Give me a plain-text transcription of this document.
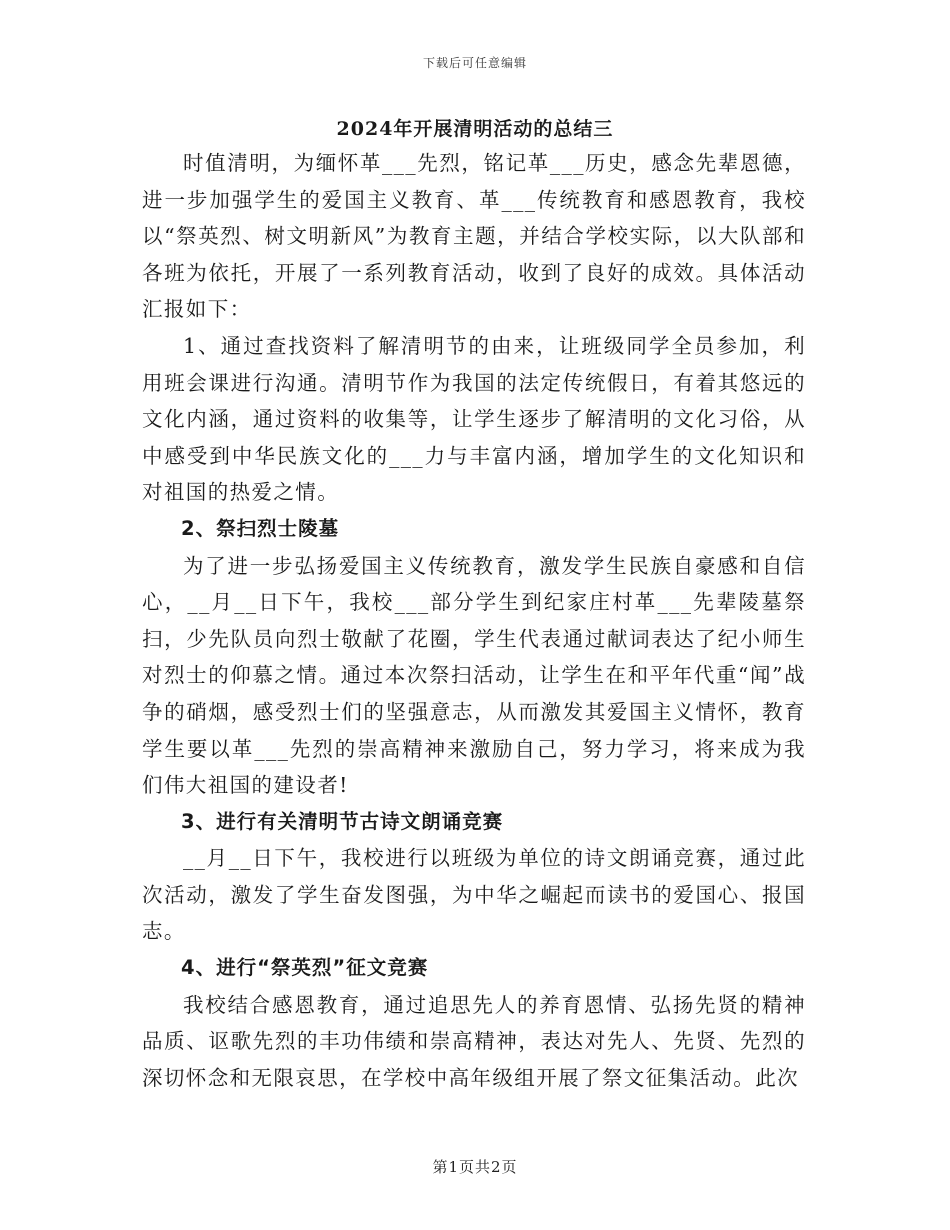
下载后可任意编辑
2024年开展清明活动的总结三

时值清明，为缅怀革___先烈，铭记革___历史，感念先辈恩德，进一步加强学生的爱国主义教育、革___传统教育和感恩教育，我校以“祭英烈、树文明新风”为教育主题，并结合学校实际，以大队部和各班为依托，开展了一系列教育活动，收到了良好的成效。具体活动汇报如下：

1、通过查找资料了解清明节的由来，让班级同学全员参加，利用班会课进行沟通。清明节作为我国的法定传统假日，有着其悠远的文化内涵，通过资料的收集等，让学生逐步了解清明的文化习俗，从中感受到中华民族文化的___力与丰富内涵，增加学生的文化知识和对祖国的热爱之情。

2、祭扫烈士陵墓

为了进一步弘扬爱国主义传统教育，激发学生民族自豪感和自信心，__月__日下午，我校___部分学生到纪家庄村革___先辈陵墓祭扫，少先队员向烈士敬献了花圈，学生代表通过献词表达了纪小师生对烈士的仰慕之情。通过本次祭扫活动，让学生在和平年代重“闻”战争的硝烟，感受烈士们的坚强意志，从而激发其爱国主义情怀，教育学生要以革___先烈的崇高精神来激励自己，努力学习，将来成为我们伟大祖国的建设者!

3、进行有关清明节古诗文朗诵竞赛

__月__日下午，我校进行以班级为单位的诗文朗诵竞赛，通过此次活动，激发了学生奋发图强，为中华之崛起而读书的爱国心、报国志。

4、进行“祭英烈”征文竞赛

我校结合感恩教育，通过追思先人的养育恩情、弘扬先贤的精神品质、讴歌先烈的丰功伟绩和崇高精神，表达对先人、先贤、先烈的深切怀念和无限哀思，在学校中高年级组开展了祭文征集活动。此次

第1页共2页
